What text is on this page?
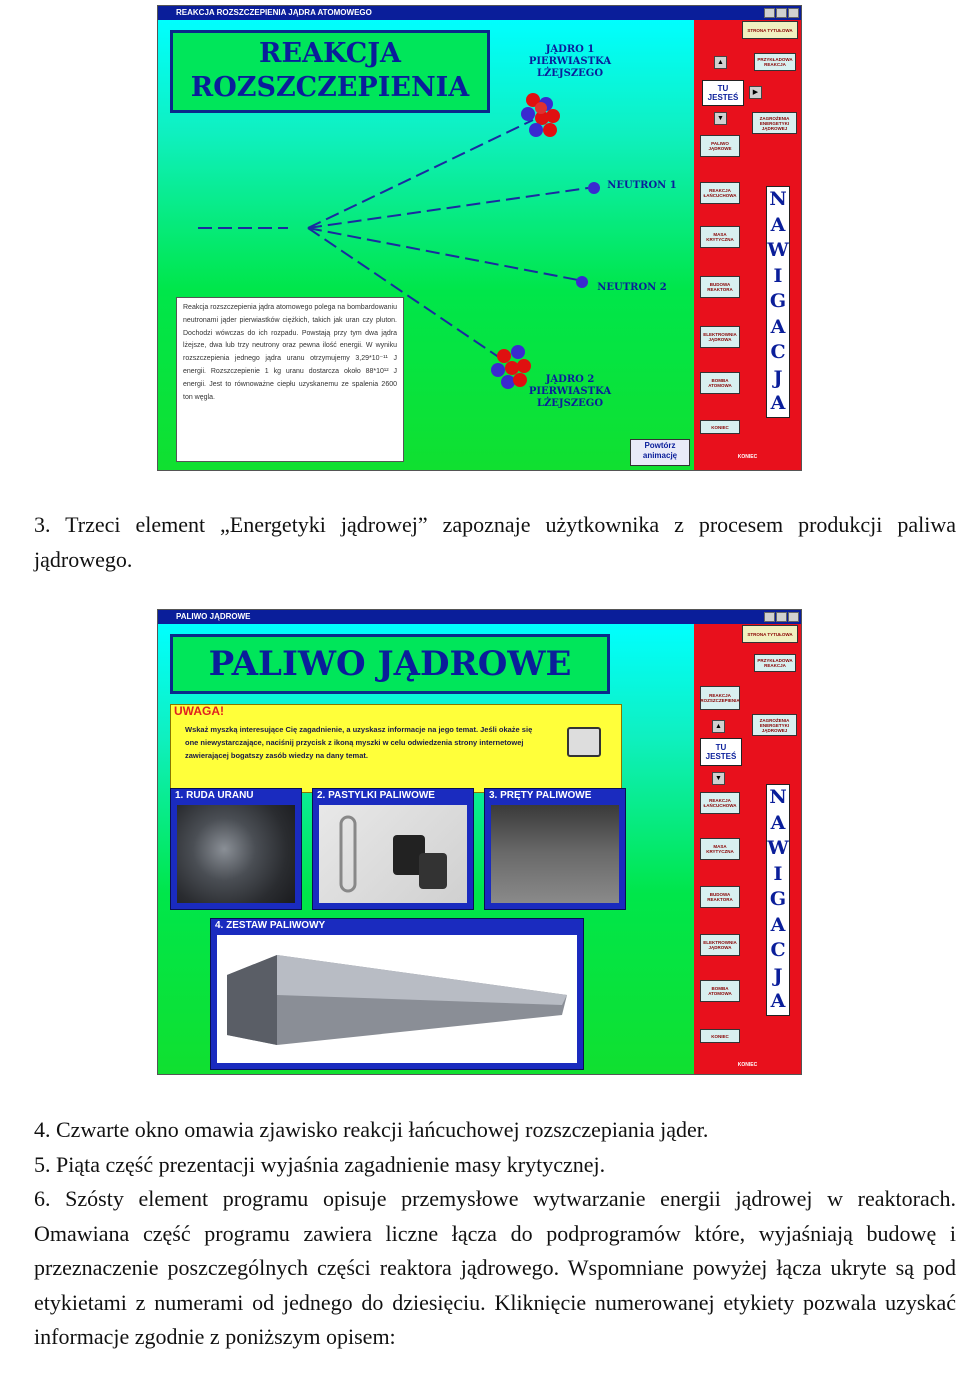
REAKCJA ROZSZCZEPIENIA JĄDRA ATOMOWEGO
REAKCJA
ROZSZCZEPIENIA
JĄDRO 1
PIERWIASTKA
LŻEJSZEGO
NEUTRON 1
NEUTRON 2
JĄDRO 2
PIERWIASTKA
LŻEJSZEGO
Reakcja rozszczepienia jądra atomowego polega na bombardowaniu neutronami jąder pierwiastków ciężkich, takich jak uran czy pluton. Dochodzi wówczas do ich rozpadu. Powstają przy tym dwa jądra lżejsze, dwa lub trzy neutrony oraz pewna ilość energii. W wyniku rozszczepienia jednego jądra uranu otrzymujemy 3,29*10⁻¹¹ J energii. Rozszczepienie 1 kg uranu dostarcza około 88*10¹² J energii. Jest to równoważne ciepłu uzyskanemu ze spalenia 2600 ton węgla.
Powtórz animację
STRONA TYTUŁOWA
▲	PRZYKŁADOWA REAKCJA
TU JESTEŚ
▶
ZAGROŻENIA ENERGETYKI JĄDROWEJ
▼
PALIWO JĄDROWE
REAKCJA ŁAŃCUCHOWA
MASA KRYTYCZNA
BUDOWA REAKTORA
ELEKTROWNIA JĄDROWA
BOMBA ATOMOWA
KONIEC
N
A
W
I
G
A
C
J
A
KONIEC

3. Trzeci element „Energetyki jądrowej” zapoznaje użytkownika z procesem produkcji paliwa jądrowego.

PALIWO JĄDROWE
PALIWO JĄDROWE
UWAGA!
Wskaż myszką interesujące Cię zagadnienie, a uzyskasz informacje na jego temat. Jeśli okaże się one niewystarczające, naciśnij przycisk z ikoną myszki w celu odwiedzenia strony internetowej zawierającej bogatszy zasób wiedzy na dany temat.
1. RUDA URANU	2. PASTYLKI PALIWOWE	3. PRĘTY PALIWOWE
4. ZESTAW PALIWOWY
STRONA TYTUŁOWA
PRZYKŁADOWA REAKCJA
REAKCJA ROZSZCZEPIENIA
ZAGROŻENIA ENERGETYKI JĄDROWEJ
▲
TU JESTEŚ
▼
REAKCJA ŁAŃCUCHOWA
MASA KRYTYCZNA
BUDOWA REAKTORA
ELEKTROWNIA JĄDROWA
BOMBA ATOMOWA
KONIEC
N
A
W
I
G
A
C
J
A
KONIEC

4. Czwarte okno omawia zjawisko reakcji łańcuchowej rozszczepiania jąder.

5. Piąta część prezentacji wyjaśnia zagadnienie masy krytycznej.

6. Szósty element programu opisuje przemysłowe wytwarzanie energii jądrowej w reaktorach. Omawiana część programu zawiera liczne łącza do podprogramów które, wyjaśniają budowę i przeznaczenie poszczególnych części reaktora jądrowego. Wspomniane powyżej łącza ukryte są pod etykietami z numerami od jednego do dziesięciu. Kliknięcie numerowanej etykiety pozwala uzyskać informacje zgodnie z poniższym opisem:
